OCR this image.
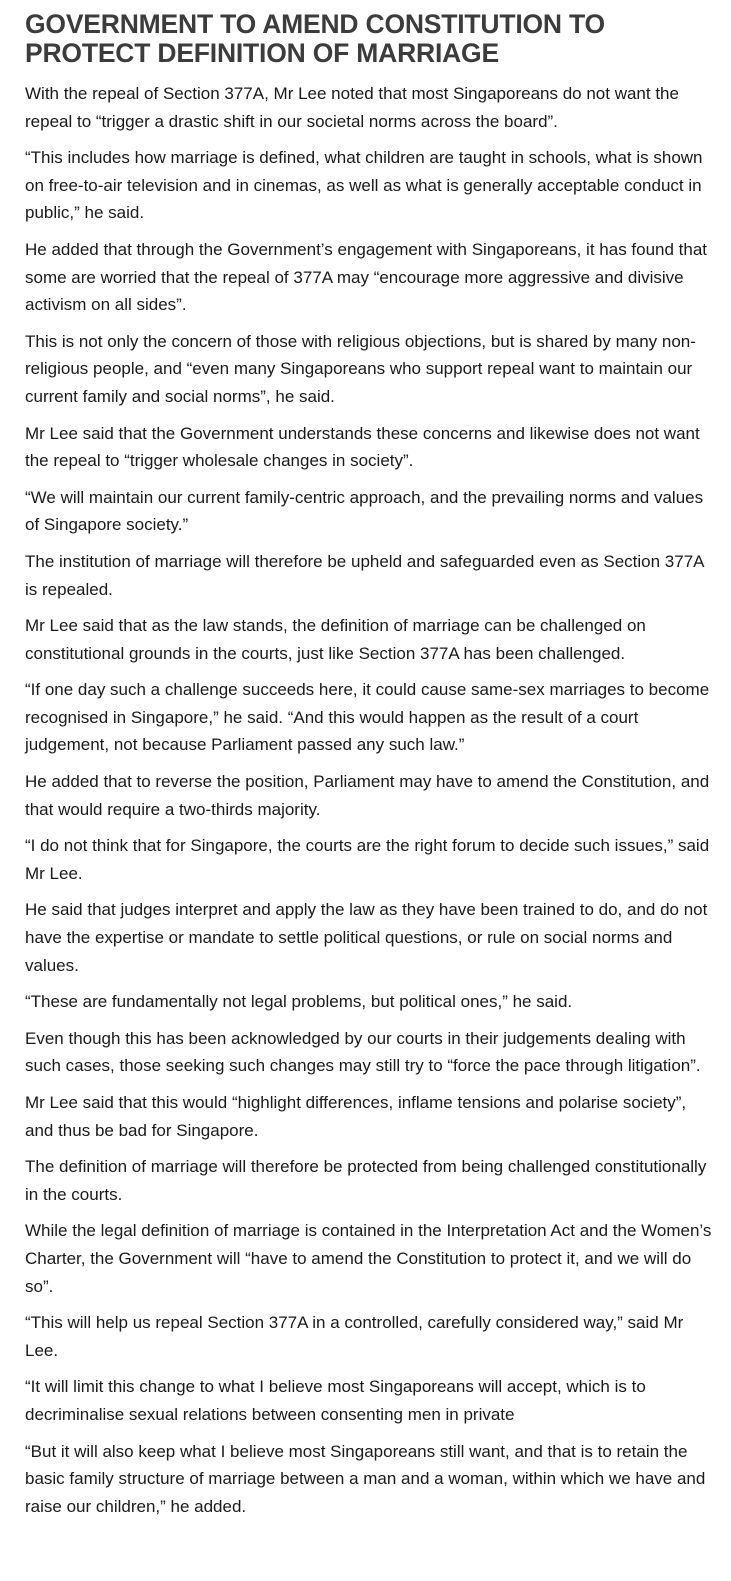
GOVERNMENT TO AMEND CONSTITUTION TO PROTECT DEFINITION OF MARRIAGE

With the repeal of Section 377A, Mr Lee noted that most Singaporeans do not want the repeal to “trigger a drastic shift in our societal norms across the board”.

“This includes how marriage is defined, what children are taught in schools, what is shown on free-to-air television and in cinemas, as well as what is generally acceptable conduct in public,” he said.

He added that through the Government’s engagement with Singaporeans, it has found that some are worried that the repeal of 377A may “encourage more aggressive and divisive activism on all sides”.

This is not only the concern of those with religious objections, but is shared by many non-religious people, and “even many Singaporeans who support repeal want to maintain our current family and social norms”, he said.

Mr Lee said that the Government understands these concerns and likewise does not want the repeal to “trigger wholesale changes in society”.

“We will maintain our current family-centric approach, and the prevailing norms and values of Singapore society.”

The institution of marriage will therefore be upheld and safeguarded even as Section 377A is repealed.

Mr Lee said that as the law stands, the definition of marriage can be challenged on constitutional grounds in the courts, just like Section 377A has been challenged.

“If one day such a challenge succeeds here, it could cause same-sex marriages to become recognised in Singapore,” he said. “And this would happen as the result of a court judgement, not because Parliament passed any such law.”

He added that to reverse the position, Parliament may have to amend the Constitution, and that would require a two-thirds majority.

“I do not think that for Singapore, the courts are the right forum to decide such issues,” said Mr Lee.

He said that judges interpret and apply the law as they have been trained to do, and do not have the expertise or mandate to settle political questions, or rule on social norms and values.

“These are fundamentally not legal problems, but political ones,” he said.

Even though this has been acknowledged by our courts in their judgements dealing with such cases, those seeking such changes may still try to “force the pace through litigation”.

Mr Lee said that this would “highlight differences, inflame tensions and polarise society”, and thus be bad for Singapore.

The definition of marriage will therefore be protected from being challenged constitutionally in the courts.

While the legal definition of marriage is contained in the Interpretation Act and the Women’s Charter, the Government will “have to amend the Constitution to protect it, and we will do so”.

“This will help us repeal Section 377A in a controlled, carefully considered way,” said Mr Lee.

“It will limit this change to what I believe most Singaporeans will accept, which is to decriminalise sexual relations between consenting men in private

“But it will also keep what I believe most Singaporeans still want, and that is to retain the basic family structure of marriage between a man and a woman, within which we have and raise our children,” he added.
